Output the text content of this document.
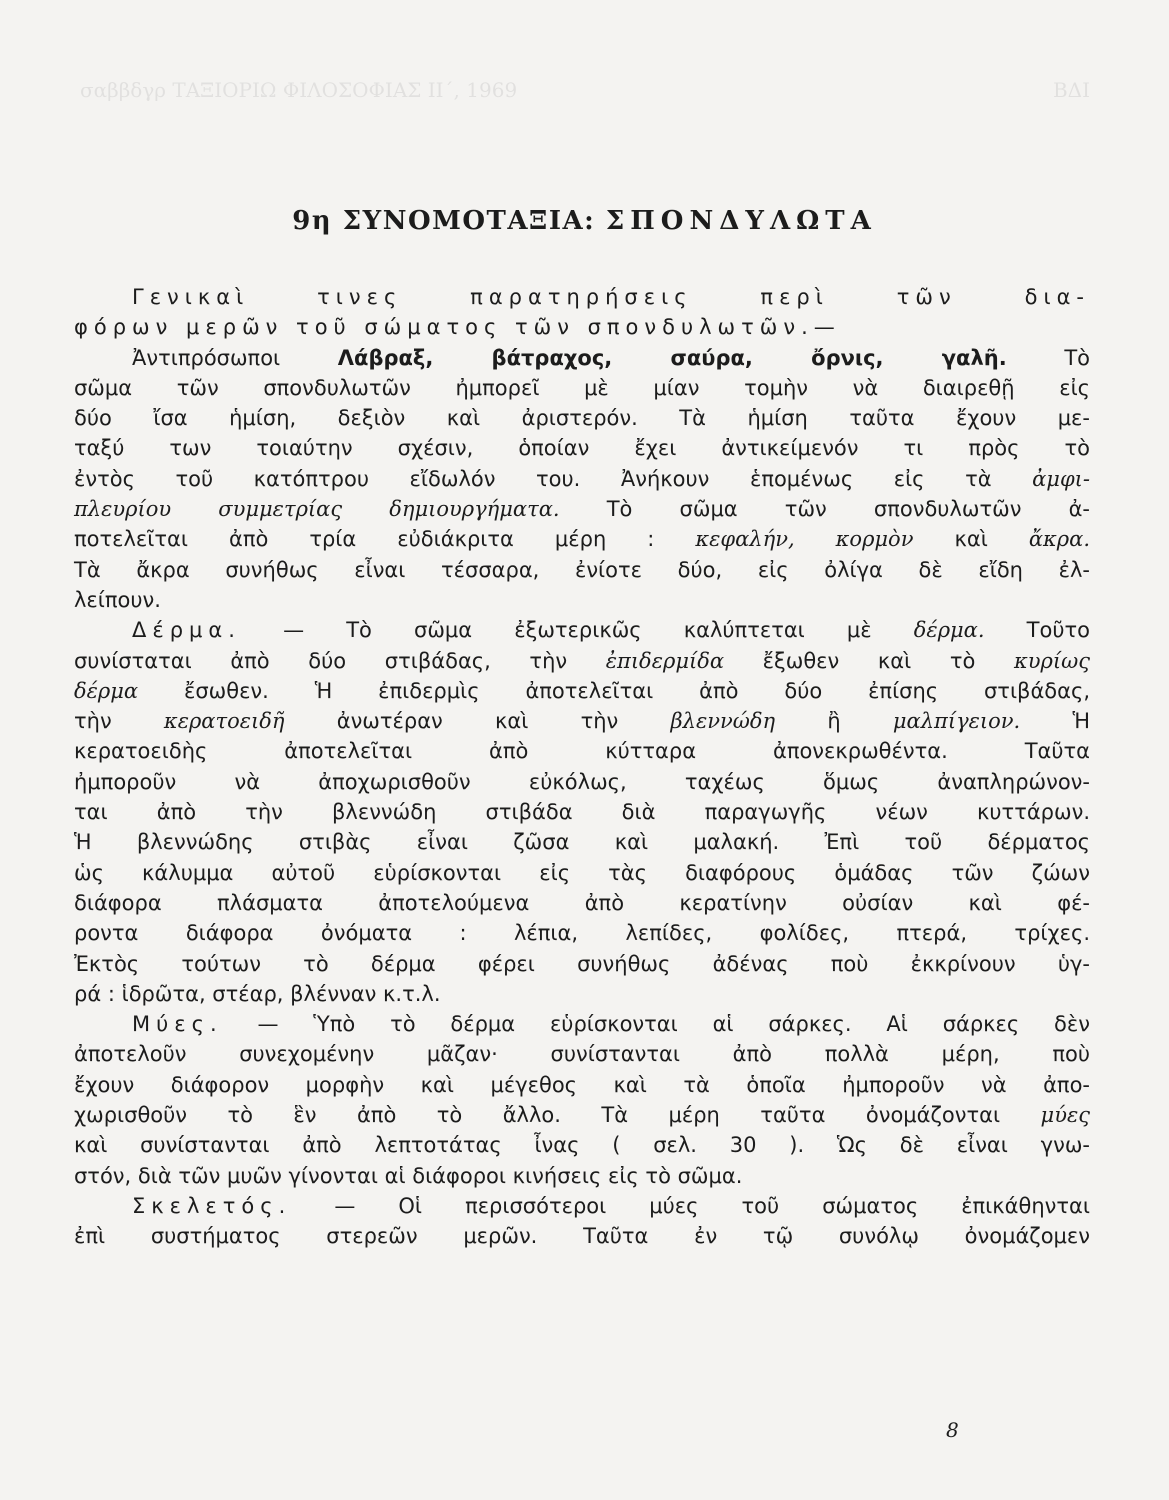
σαββδγρ ΤΑΞΙΟΡΙΩ ΦΙΛΟΣΟΦΙΑΣ ΙΙ΄, 1969	ΒΔΙ
9η ΣΥΝΟΜΟΤΑΞΙΑ: ΣΠΟΝΔΥΛΩΤΑ
Γενικαὶ τινες παρατηρήσεις περὶ τῶν δια-
φόρων μερῶν τοῦ σώματος τῶν σπονδυλωτῶν.—
Ἀντιπρόσωποι Λάβραξ, βάτραχος, σαύρα, ὄρνις, γαλῆ. Τὸ
σῶμα τῶν σπονδυλωτῶν ἠμπορεῖ μὲ μίαν τομὴν νὰ διαιρεθῇ εἰς
δύο ἴσα ἡμίση, δεξιὸν καὶ ἀριστερόν. Τὰ ἡμίση ταῦτα ἔχουν με-
ταξύ των τοιαύτην σχέσιν, ὁποίαν ἔχει ἀντικείμενόν τι πρὸς τὸ
ἐντὸς τοῦ κατόπτρου εἴδωλόν του. Ἀνήκουν ἑπομένως εἰς τὰ ἀμφι-
πλευρίου συμμετρίας δημιουργήματα. Τὸ σῶμα τῶν σπονδυλωτῶν ἀ-
ποτελεῖται ἀπὸ τρία εὐδιάκριτα μέρη : κεφαλήν, κορμὸν καὶ ἄκρα.
Τὰ ἄκρα συνήθως εἶναι τέσσαρα, ἐνίοτε δύο, εἰς ὀλίγα δὲ εἴδη ἐλ-
λείπουν.
Δέρμα. — Τὸ σῶμα ἐξωτερικῶς καλύπτεται μὲ δέρμα. Τοῦτο
συνίσταται ἀπὸ δύο στιβάδας, τὴν ἐπιδερμίδα ἔξωθεν καὶ τὸ κυρίως
δέρμα ἔσωθεν. Ἡ ἐπιδερμὶς ἀποτελεῖται ἀπὸ δύο ἐπίσης στιβάδας,
τὴν κερατοειδῆ ἀνωτέραν καὶ τὴν βλεννώδη ἢ μαλπίγειον. Ἡ
κερατοειδὴς ἀποτελεῖται ἀπὸ κύτταρα ἀπονεκρωθέντα. Ταῦτα
ἠμποροῦν νὰ ἀποχωρισθοῦν εὐκόλως, ταχέως ὅμως ἀναπληρώνον-
ται ἀπὸ τὴν βλεννώδη στιβάδα διὰ παραγωγῆς νέων κυττάρων.
Ἡ βλεννώδης στιβὰς εἶναι ζῶσα καὶ μαλακή. Ἐπὶ τοῦ δέρματος
ὡς κάλυμμα αὐτοῦ εὑρίσκονται εἰς τὰς διαφόρους ὁμάδας τῶν ζώων
διάφορα πλάσματα ἀποτελούμενα ἀπὸ κερατίνην οὐσίαν καὶ φέ-
ροντα διάφορα ὀνόματα : λέπια, λεπίδες, φολίδες, πτερά, τρίχες.
Ἐκτὸς τούτων τὸ δέρμα φέρει συνήθως ἀδένας ποὺ ἐκκρίνουν ὑγ-
ρά : ἱδρῶτα, στέαρ, βλένναν κ.τ.λ.
Μύες. — Ὑπὸ τὸ δέρμα εὑρίσκονται αἱ σάρκες. Αἱ σάρκες δὲν
ἀποτελοῦν συνεχομένην μᾶζαν· συνίστανται ἀπὸ πολλὰ μέρη, ποὺ
ἔχουν διάφορον μορφὴν καὶ μέγεθος καὶ τὰ ὁποῖα ἠμποροῦν νὰ ἀπο-
χωρισθοῦν τὸ ἓν ἀπὸ τὸ ἄλλο. Τὰ μέρη ταῦτα ὀνομάζονται μύες
καὶ συνίστανται ἀπὸ λεπτοτάτας ἶνας ( σελ. 30 ). Ὡς δὲ εἶναι γνω-
στόν, διὰ τῶν μυῶν γίνονται αἱ διάφοροι κινήσεις εἰς τὸ σῶμα.
Σκελετός. — Οἱ περισσότεροι μύες τοῦ σώματος ἐπικάθηνται
ἐπὶ συστήματος στερεῶν μερῶν. Ταῦτα ἐν τῷ συνόλῳ ὀνομάζομεν
8
